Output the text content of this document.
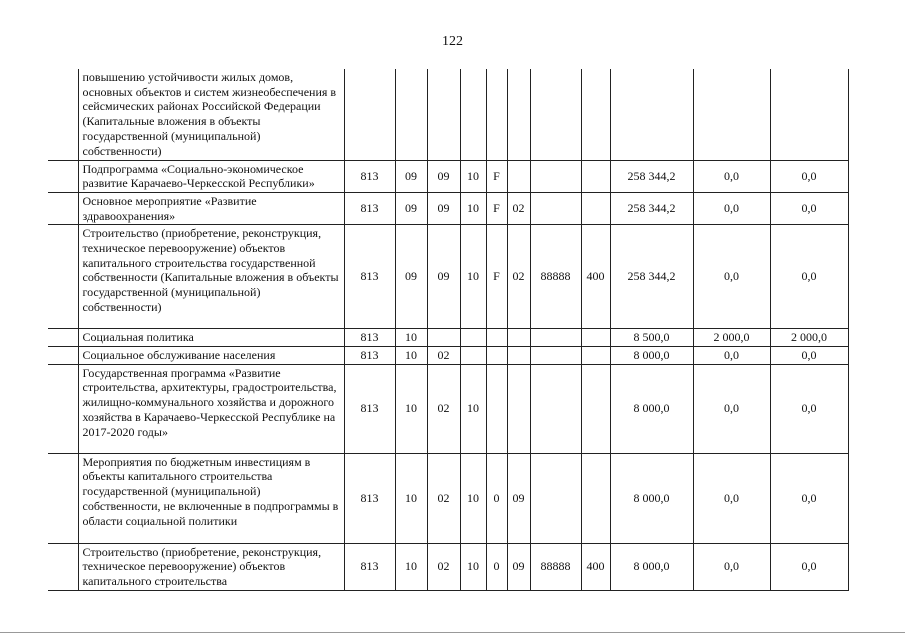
122
	повышению устойчивости жилых домов, основных объектов и систем жизнеобеспечения в сейсмических районах Российской Федерации (Капитальные вложения в объекты государственной (муниципальной) собственности)											
	Подпрограмма «Социально-экономическое развитие Карачаево-Черкесской Республики»	813	09	09	10	F				258 344,2	0,0	0,0
	Основное мероприятие «Развитие здравоохранения»	813	09	09	10	F	02			258 344,2	0,0	0,0
	Строительство (приобретение, реконструкция, техническое перевооружение) объектов капитального строительства государственной собственности (Капитальные вложения в объекты государственной (муниципальной) собственности)	813	09	09	10	F	02	88888	400	258 344,2	0,0	0,0
	Социальная политика	813	10							8 500,0	2 000,0	2 000,0
	Социальное обслуживание населения	813	10	02						8 000,0	0,0	0,0
	Государственная программа «Развитие строительства, архитектуры, градостроительства, жилищно-коммунального хозяйства и дорожного хозяйства в Карачаево-Черкесской Республике на 2017-2020 годы»	813	10	02	10					8 000,0	0,0	0,0
	Мероприятия по бюджетным инвестициям в объекты капитального строительства государственной (муниципальной) собственности, не включенные в подпрограммы в области социальной политики	813	10	02	10	0	09			8 000,0	0,0	0,0
	Строительство (приобретение, реконструкция, техническое перевооружение) объектов капитального строительства	813	10	02	10	0	09	88888	400	8 000,0	0,0	0,0
